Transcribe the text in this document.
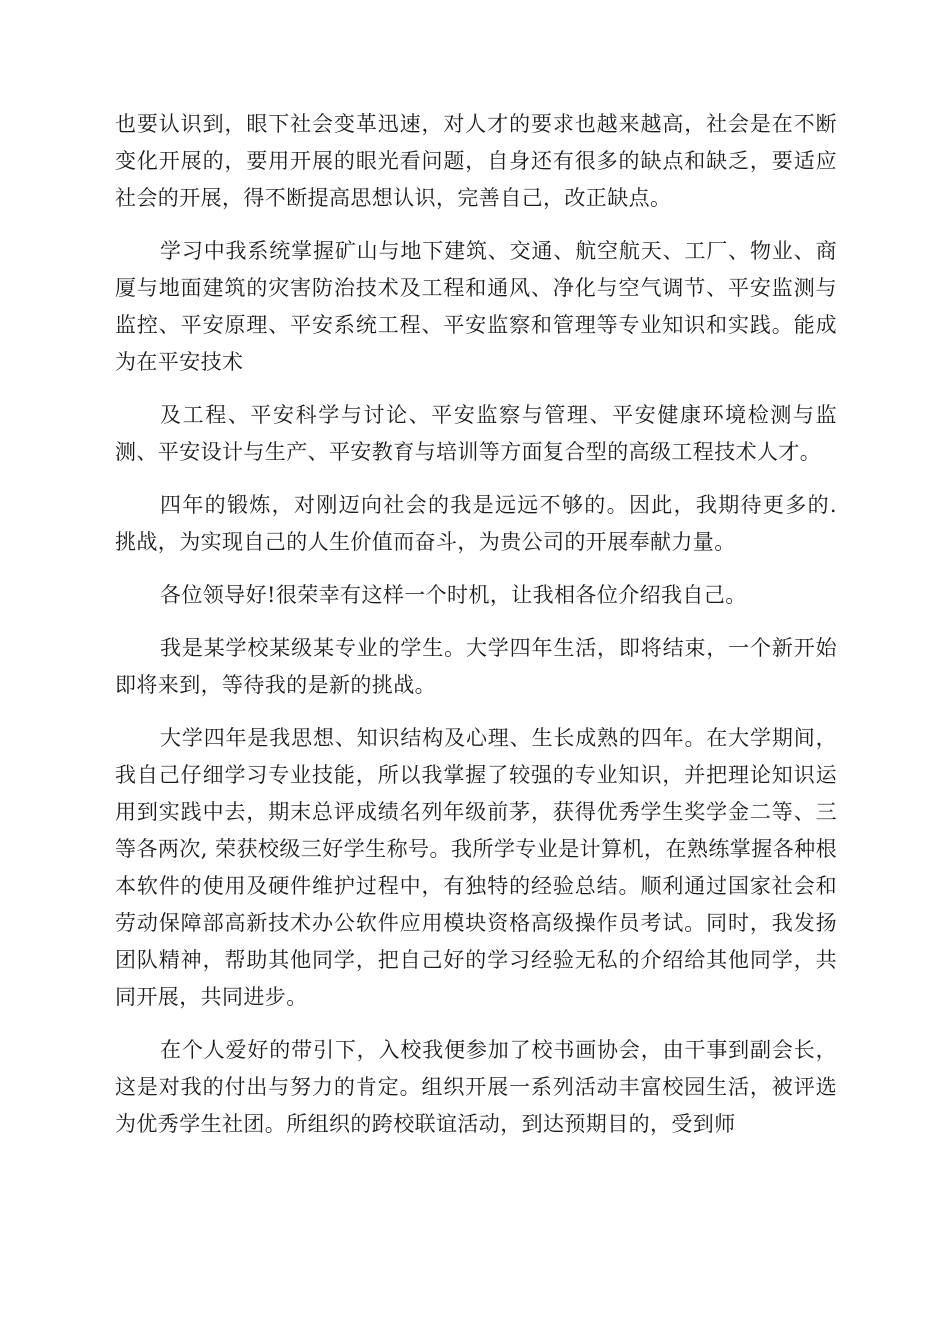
也要认识到，眼下社会变革迅速，对人才的要求也越来越高，社会是在不断变化开展的，要用开展的眼光看问题，自身还有很多的缺点和缺乏，要适应社会的开展，得不断提高思想认识，完善自己，改正缺点。

学习中我系统掌握矿山与地下建筑、交通、航空航天、工厂、物业、商厦与地面建筑的灾害防治技术及工程和通风、净化与空气调节、平安监测与监控、平安原理、平安系统工程、平安监察和管理等专业知识和实践。能成为在平安技术

及工程、平安科学与讨论、平安监察与管理、平安健康环境检测与监测、平安设计与生产、平安教育与培训等方面复合型的高级工程技术人才。

四年的锻炼，对刚迈向社会的我是远远不够的。因此，我期待更多的. 挑战，为实现自己的人生价值而奋斗，为贵公司的开展奉献力量。

各位领导好!很荣幸有这样一个时机，让我相各位介绍我自己。

我是某学校某级某专业的学生。大学四年生活，即将结束，一个新开始即将来到，等待我的是新的挑战。

大学四年是我思想、知识结构及心理、生长成熟的四年。在大学期间，我自己仔细学习专业技能，所以我掌握了较强的专业知识，并把理论知识运用到实践中去，期末总评成绩名列年级前茅，获得优秀学生奖学金二等、三等各两次, 荣获校级三好学生称号。我所学专业是计算机，在熟练掌握各种根本软件的使用及硬件维护过程中，有独特的经验总结。顺利通过国家社会和劳动保障部高新技术办公软件应用模块资格高级操作员考试。同时，我发扬团队精神，帮助其他同学，把自己好的学习经验无私的介绍给其他同学，共同开展，共同进步。

在个人爱好的带引下，入校我便参加了校书画协会，由干事到副会长，这是对我的付出与努力的肯定。组织开展一系列活动丰富校园生活，被评选为优秀学生社团。所组织的跨校联谊活动，到达预期目的，受到师
